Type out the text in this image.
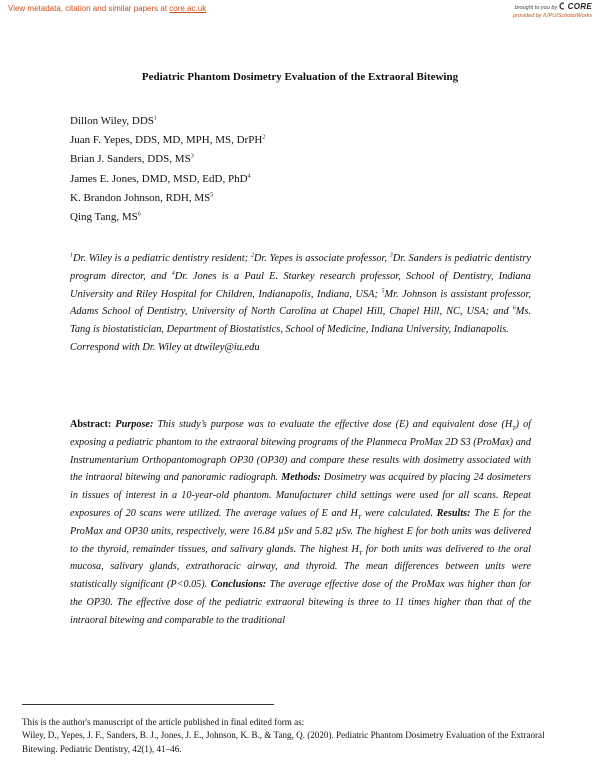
View metadata, citation and similar papers at core.ac.uk	brought to you by CORE
provided by IUPUIScholarWorks
Pediatric Phantom Dosimetry Evaluation of the Extraoral Bitewing
Dillon Wiley, DDS$^1$
Juan F. Yepes, DDS, MD, MPH, MS, DrPH$^2$
Brian J. Sanders, DDS, $MS^3$
James E. Jones, DMD, MSD, EdD, PhD$^4$
K. Brandon Johnson, RDH, $MS^5$
Qing Tang, $MS^6$
$^1$Dr. Wiley is a pediatric dentistry resident; $^2$Dr. Yepes is associate professor, $^3$Dr. Sanders is pediatric dentistry program director, and $^4$Dr. Jones is a Paul E. Starkey research professor, School of Dentistry, Indiana University and Riley Hospital for Children, Indianapolis, Indiana, USA; $^5$Mr. Johnson is assistant professor, Adams School of Dentistry, University of North Carolina at Chapel Hill, Chapel Hill, NC, USA; and $^6$Ms. Tang is biostatistician, Department of Biostatistics, School of Medicine, Indiana University, Indianapolis.
Correspond with Dr. Wiley at dtwiley@iu.edu
Abstract: Purpose: This study’s purpose was to evaluate the effective dose (E) and equivalent dose $(H_T)$ of exposing a pediatric phantom to the extraoral bitewing programs of the Planmeca ProMax 2D S3 (ProMax) and Instrumentarium Orthopantomograph OP30 (OP30) and compare these results with dosimetry associated with the intraoral bitewing and panoramic radiograph. Methods: Dosimetry was acquired by placing 24 dosimeters in tissues of interest in a 10-year-old phantom. Manufacturer child settings were used for all scans. Repeat exposures of 20 scans were utilized. The average values of E and $H_T$ were calculated. Results: The E for the ProMax and OP30 units, respectively, were 16.84 µSv and 5.82 µSv. The highest E for both units was delivered to the thyroid, remainder tissues, and salivary glands. The highest $H_T$ for both units was delivered to the oral mucosa, salivary glands, extrathoracic airway, and thyroid. The mean differences between units were statistically significant (P<0.05). Conclusions: The average effective dose of the ProMax was higher than for the OP30. The effective dose of the pediatric extraoral bitewing is three to 11 times higher than that of the intraoral bitewing and comparable to the traditional
This is the author's manuscript of the article published in final edited form as:
Wiley, D., Yepes, J. F., Sanders, B. J., Jones, J. E., Johnson, K. B., & Tang, Q. (2020). Pediatric Phantom Dosimetry Evaluation of the Extraoral Bitewing. Pediatric Dentistry, 42(1), 41–46.
